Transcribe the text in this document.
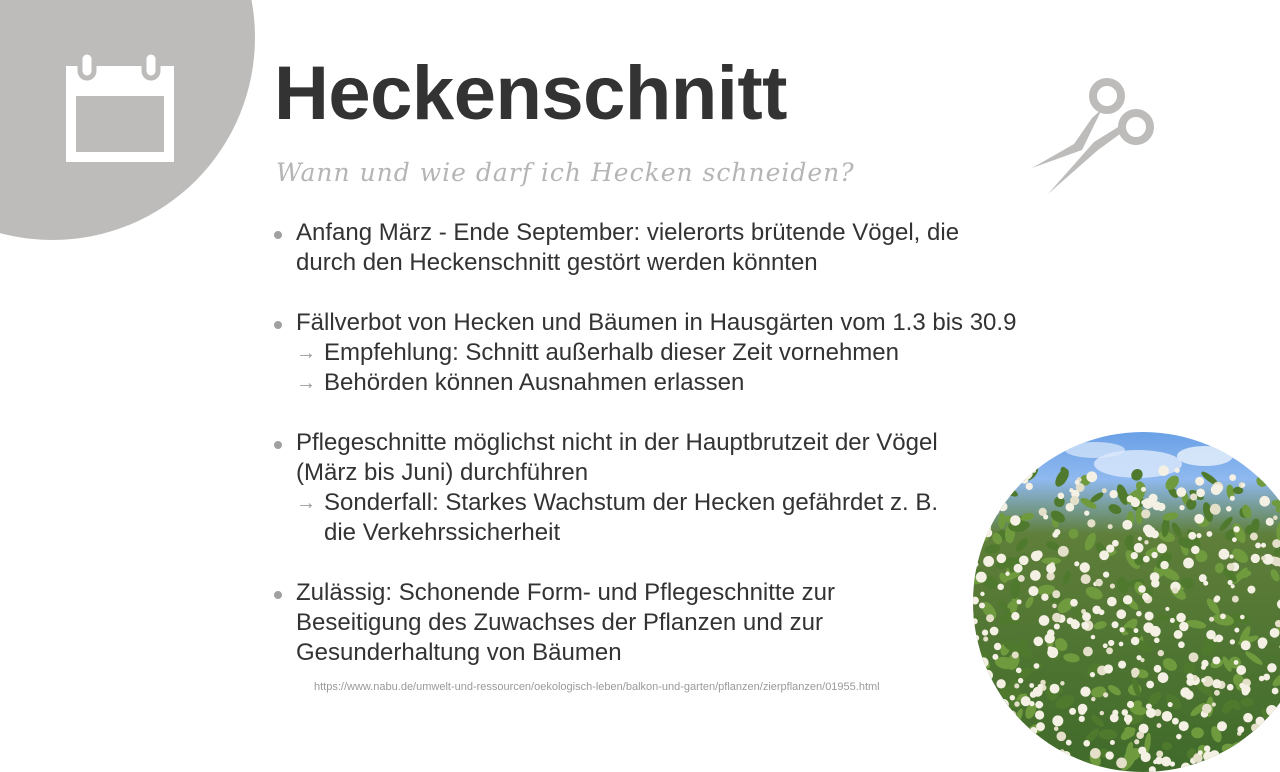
Heckenschnitt
Wann und wie darf ich Hecken schneiden?
Anfang März - Ende September: vielerorts brütende Vögel, die
durch den Heckenschnitt gestört werden könnten
Fällverbot von Hecken und Bäumen in Hausgärten vom 1.3 bis 30.9
→ Empfehlung: Schnitt außerhalb dieser Zeit vornehmen
→ Behörden können Ausnahmen erlassen
Pflegeschnitte möglichst nicht in der Hauptbrutzeit der Vögel
(März bis Juni) durchführen
→ Sonderfall: Starkes Wachstum der Hecken gefährdet z. B.
die Verkehrssicherheit
Zulässig: Schonende Form- und Pflegeschnitte zur
Beseitigung des Zuwachses der Pflanzen und zur
Gesunderhaltung von Bäumen
https://www.nabu.de/umwelt-und-ressourcen/oekologisch-leben/balkon-und-garten/pflanzen/zierpflanzen/01955.html
